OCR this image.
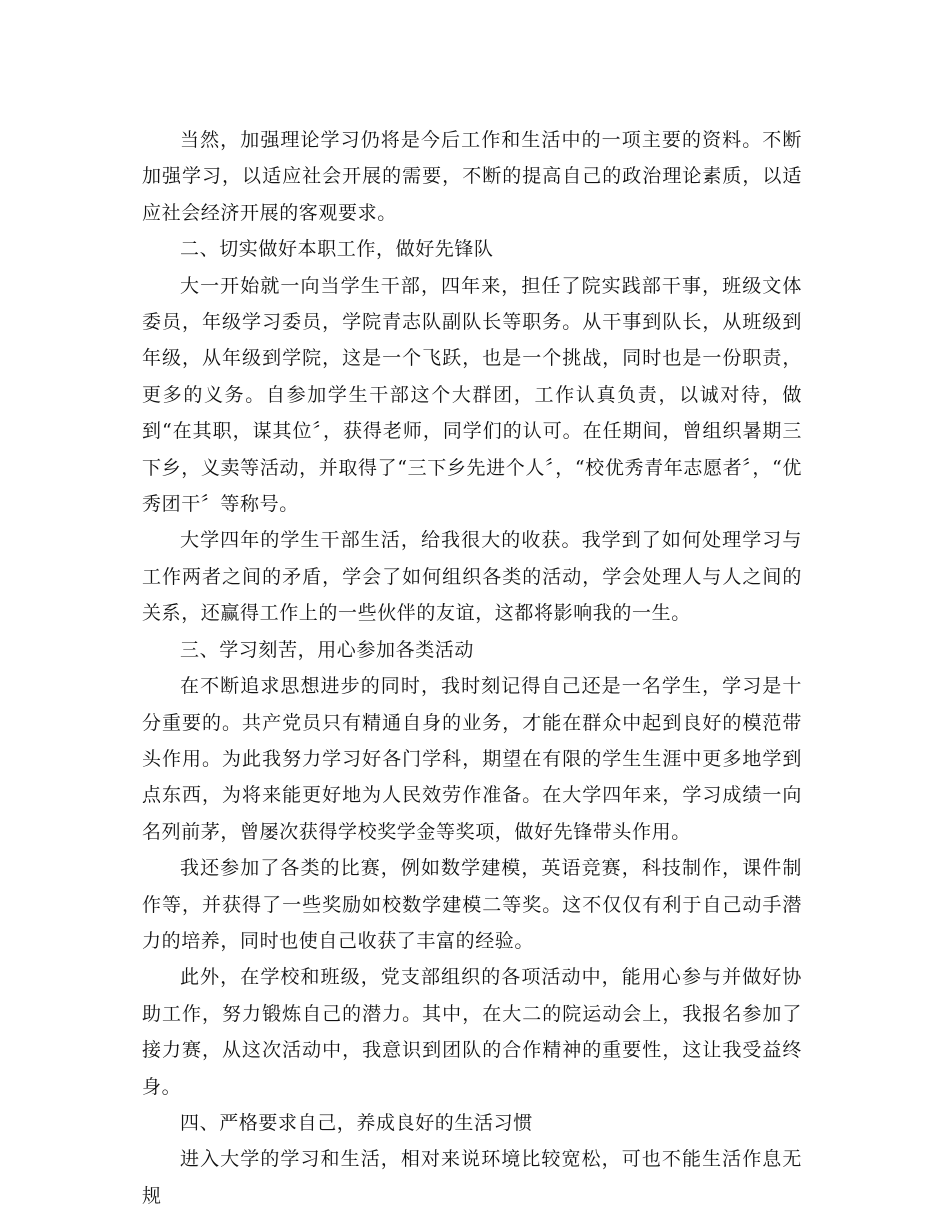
当然，加强理论学习仍将是今后工作和生活中的一项主要的资料。不断加强学习，以适应社会开展的需要，不断的提高自己的政治理论素质，以适应社会经济开展的客观要求。

二、切实做好本职工作，做好先锋队

大一开始就一向当学生干部，四年来，担任了院实践部干事，班级文体委员，年级学习委员，学院青志队副队长等职务。从干事到队长，从班级到年级，从年级到学院，这是一个飞跃，也是一个挑战，同时也是一份职责，更多的义务。自参加学生干部这个大群团，工作认真负责，以诚对待，做到“在其职，谋其位〞，获得老师，同学们的认可。在任期间，曾组织暑期三下乡，义卖等活动，并取得了“三下乡先进个人〞，“校优秀青年志愿者〞，“优秀团干〞等称号。

大学四年的学生干部生活，给我很大的收获。我学到了如何处理学习与工作两者之间的矛盾，学会了如何组织各类的活动，学会处理人与人之间的关系，还赢得工作上的一些伙伴的友谊，这都将影响我的一生。

三、学习刻苦，用心参加各类活动

在不断追求思想进步的同时，我时刻记得自己还是一名学生，学习是十分重要的。共产党员只有精通自身的业务，才能在群众中起到良好的模范带头作用。为此我努力学习好各门学科，期望在有限的学生生涯中更多地学到点东西，为将来能更好地为人民效劳作准备。在大学四年来，学习成绩一向名列前茅，曾屡次获得学校奖学金等奖项，做好先锋带头作用。

我还参加了各类的比赛，例如数学建模，英语竞赛，科技制作，课件制作等，并获得了一些奖励如校数学建模二等奖。这不仅仅有利于自己动手潜力的培养，同时也使自己收获了丰富的经验。

此外，在学校和班级，党支部组织的各项活动中，能用心参与并做好协助工作，努力锻炼自己的潜力。其中，在大二的院运动会上，我报名参加了接力赛，从这次活动中，我意识到团队的合作精神的重要性，这让我受益终身。

四、严格要求自己，养成良好的生活习惯

进入大学的学习和生活，相对来说环境比较宽松，可也不能生活作息无规
